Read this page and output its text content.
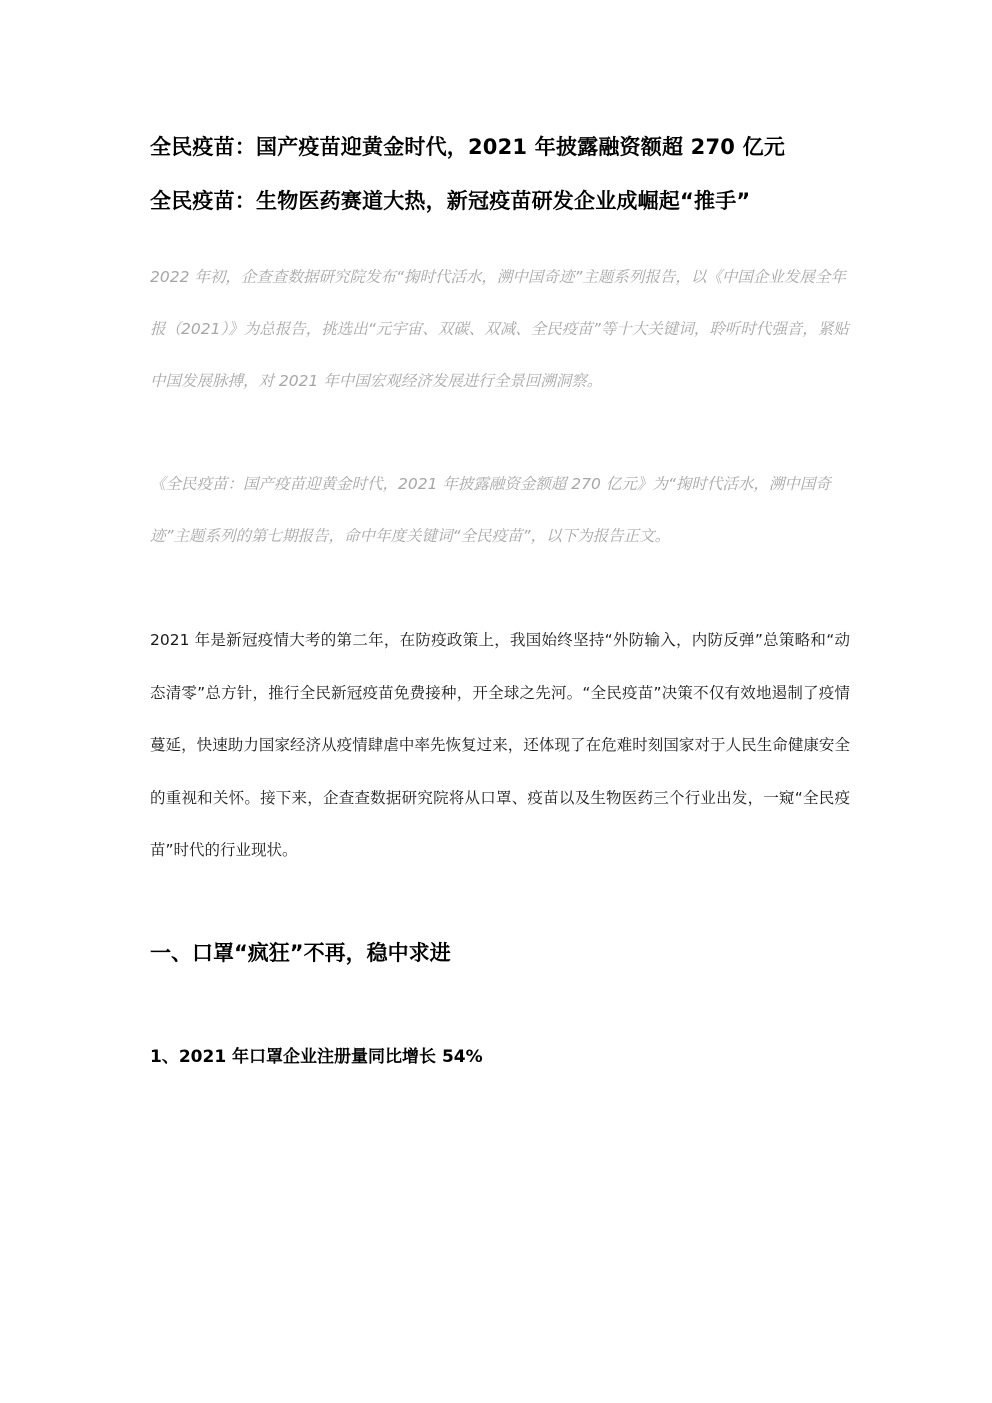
全民疫苗：国产疫苗迎黄金时代，2021 年披露融资额超 270 亿元
全民疫苗：生物医药赛道大热，新冠疫苗研发企业成崛起“推手”

2022 年初，企查查数据研究院发布“掬时代活水，溯中国奇迹”主题系列报告，以《中国企业发展全年报（2021）》为总报告，挑选出“元宇宙、双碳、双减、全民疫苗”等十大关键词，聆听时代强音，紧贴中国发展脉搏，对 2021 年中国宏观经济发展进行全景回溯洞察。

《全民疫苗：国产疫苗迎黄金时代，2021 年披露融资金额超 270 亿元》为“掬时代活水，溯中国奇迹”主题系列的第七期报告，命中年度关键词“全民疫苗”，以下为报告正文。

2021 年是新冠疫情大考的第二年，在防疫政策上，我国始终坚持“外防输入，内防反弹”总策略和“动态清零”总方针，推行全民新冠疫苗免费接种，开全球之先河。“全民疫苗”决策不仅有效地遏制了疫情蔓延，快速助力国家经济从疫情肆虐中率先恢复过来，还体现了在危难时刻国家对于人民生命健康安全的重视和关怀。接下来，企查查数据研究院将从口罩、疫苗以及生物医药三个行业出发，一窥“全民疫苗”时代的行业现状。

一、口罩“疯狂”不再，稳中求进
1、2021 年口罩企业注册量同比增长 54%
